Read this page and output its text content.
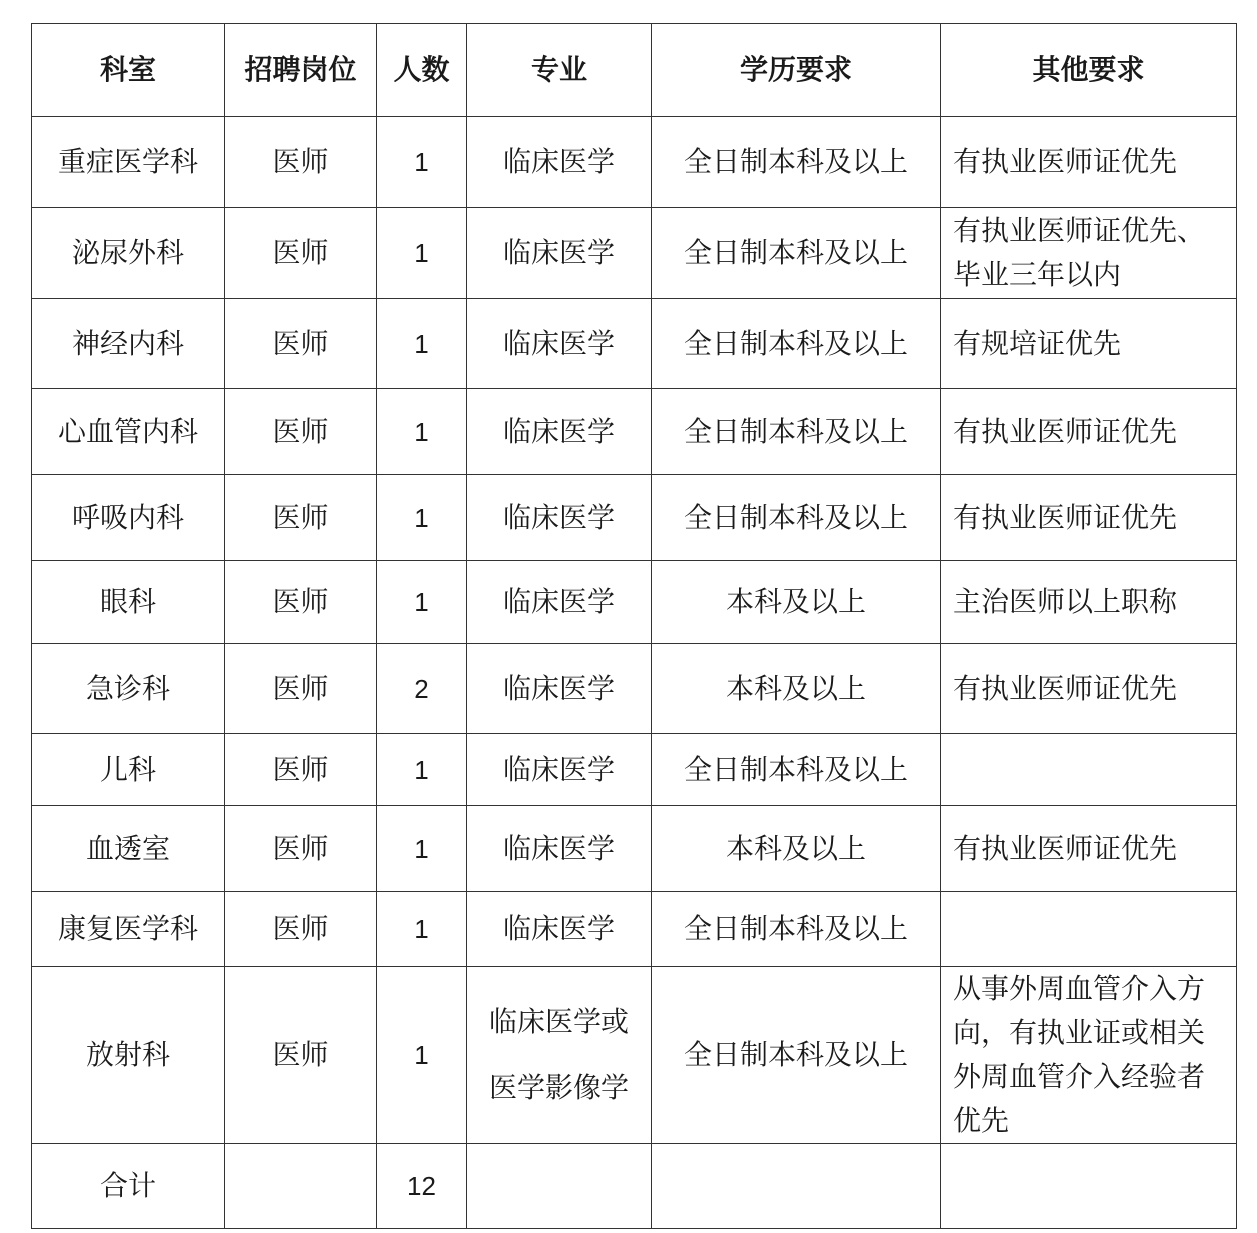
科室	招聘岗位	人数	专业	学历要求	其他要求
重症医学科	医师	1	临床医学	全日制本科及以上	有执业医师证优先
泌尿外科	医师	1	临床医学	全日制本科及以上	有执业医师证优先、毕业三年以内
神经内科	医师	1	临床医学	全日制本科及以上	有规培证优先
心血管内科	医师	1	临床医学	全日制本科及以上	有执业医师证优先
呼吸内科	医师	1	临床医学	全日制本科及以上	有执业医师证优先
眼科	医师	1	临床医学	本科及以上	主治医师以上职称
急诊科	医师	2	临床医学	本科及以上	有执业医师证优先
儿科	医师	1	临床医学	全日制本科及以上	
血透室	医师	1	临床医学	本科及以上	有执业医师证优先
康复医学科	医师	1	临床医学	全日制本科及以上	
放射科	医师	1	临床医学或医学影像学	全日制本科及以上	从事外周血管介入方向，有执业证或相关外周血管介入经验者优先
合计		12			
